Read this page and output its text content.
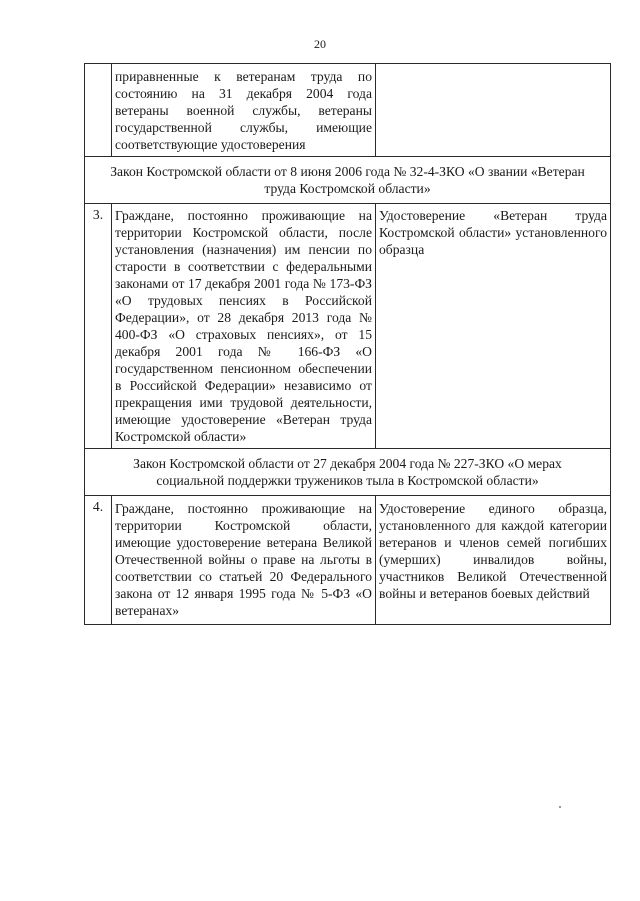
20
	приравненные к ветеранам труда по состоянию на 31 декабря 2004 года ветераны военной службы, ветераны государственной службы, имеющие соответствующие удостоверения	
Закон Костромской области от 8 июня 2006 года № 32-4-ЗКО «О звании «Ветеран труда Костромской области»		
3.	Граждане, постоянно проживающие на территории Костромской области, после установления (назначения) им пенсии по старости в соответствии с федеральными законами от 17 декабря 2001 года № 173-ФЗ «О трудовых пенсиях в Российской Федерации», от 28 декабря 2013 года № 400-ФЗ «О страховых пенсиях», от 15 декабря 2001 года № 166-ФЗ «О государственном пенсионном обеспечении в Российской Федерации» независимо от прекращения ими трудовой деятельности, имеющие удостоверение «Ветеран труда Костромской области»	Удостоверение «Ветеран труда Костромской области» установленного образца
Закон Костромской области от 27 декабря 2004 года № 227-ЗКО «О мерах социальной поддержки тружеников тыла в Костромской области»		
4.	Граждане, постоянно проживающие на территории Костромской области, имеющие удостоверение ветерана Великой Отечественной войны о праве на льготы в соответствии со статьей 20 Федерального закона от 12 января 1995 года № 5-ФЗ «О ветеранах»	Удостоверение единого образца, установленного для каждой категории ветеранов и членов семей погибших (умерших) инвалидов войны, участников Великой Отечественной войны и ветеранов боевых действий
